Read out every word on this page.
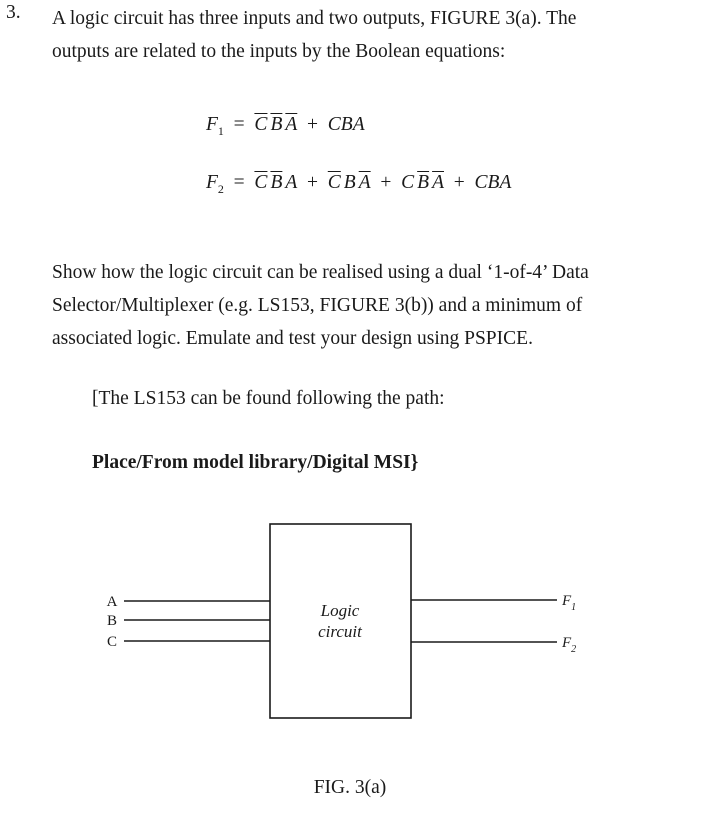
3. A logic circuit has three inputs and two outputs, FIGURE 3(a). The
outputs are related to the inputs by the Boolean equations:
$F_1$ = $\overline{C}$ $\overline{B}$ $\overline{A}$ + CBA
$F_2$ = $\overline{C}$ $\overline{B}$ A + $\overline{C}$ B $\overline{A}$ + C $\overline{B}$ $\overline{A}$ + CBA
Show how the logic circuit can be realised using a dual ‘1-of-4’ Data
Selector/Multiplexer (e.g. LS153, FIGURE 3(b)) and a minimum of
associated logic. Emulate and test your design using PSPICE.
[The LS153 can be found following the path:
Place/From model library/Digital MSI}
Logic
circuit
A
B
C
$F_1$
$F_2$
FIG. 3(a)
